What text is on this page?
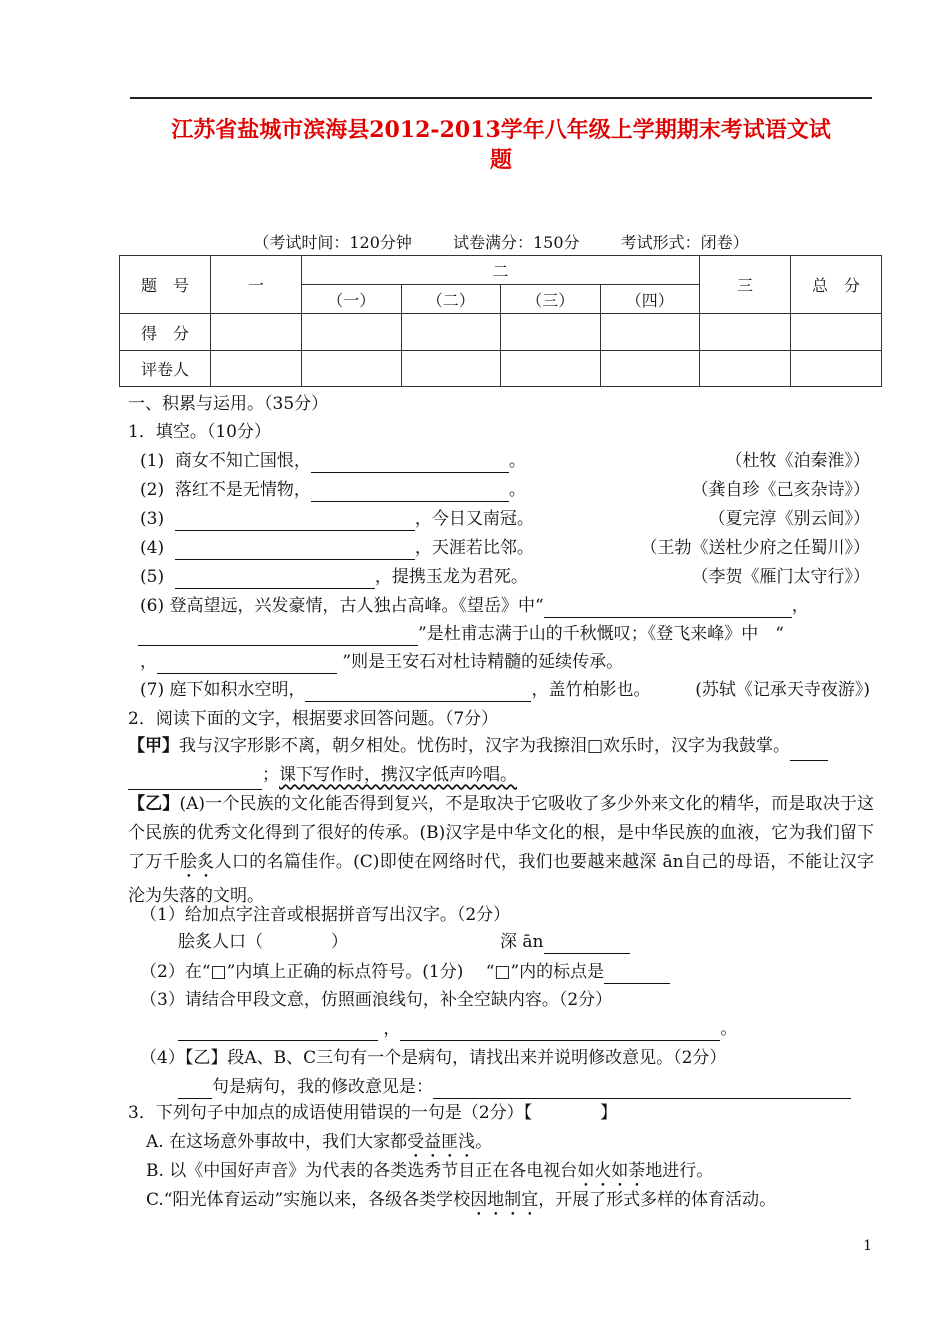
江苏省盐城市滨海县2012-2013学年八年级上学期期末考试语文试
题
（考试时间：120分钟	试卷满分：150分	考试形式：闭卷）
题　号	一	二				三	总　分
		（一）	（二）	（三）	（四）		
得　分							
评卷人							
一、积累与运用。（35分）
1．填空。（10分）
(1) 商女不知亡国恨，	。	（杜牧《泊秦淮》）
(2) 落红不是无情物，	。	（龚自珍《己亥杂诗》）
(3)	，今日又南冠。	（夏完淳《别云间》）
(4)	，天涯若比邻。	（王勃《送杜少府之任蜀川》）
(5)	，提携玉龙为君死。	（李贺《雁门太守行》）
(6) 登高望远，兴发豪情，古人独占高峰。《望岳》中“	，
”是杜甫志满于山的千秋慨叹；《登飞来峰》中　“
，	”则是王安石对杜诗精髓的延续传承。
(7) 庭下如积水空明，	，盖竹柏影也。	(苏轼《记承天寺夜游》)
2．阅读下面的文字，根据要求回答问题。（7分）
【甲】我与汉字形影不离，朝夕相处。忧伤时，汉字为我擦泪□欢乐时，汉字为我鼓掌。
；课下写作时，携汉字低声吟唱。
【乙】(A)一个民族的文化能否得到复兴，不是取决于它吸收了多少外来文化的精华，而是取决于这个民族的优秀文化得到了很好的传承。(B)汉字是中华文化的根，是中华民族的血液，它为我们留下了万千脍炙人口的名篇佳作。(C)即使在网络时代，我们也要越来越深 ān自己的母语，不能让汉字沦为失落的文明。
（1）给加点字注音或根据拼音写出汉字。（2分）
脍炙人口（　　　　）	深 ān
（2）在“□”内填上正确的标点符号。(1分)　 “□”内的标点是
（3）请结合甲段文意，仿照画浪线句，补全空缺内容。（2分）
，	。
（4）【乙】段A、B、C三句有一个是病句，请找出来并说明修改意见。（2分）
句是病句，我的修改意见是：
3．下列句子中加点的成语使用错误的一句是（2分）【　　　　】
A. 在这场意外事故中，我们大家都受益匪浅。
B. 以《中国好声音》为代表的各类选秀节目正在各电视台如火如荼地进行。
C.“阳光体育运动”实施以来，各级各类学校因地制宜，开展了形式多样的体育活动。
1
